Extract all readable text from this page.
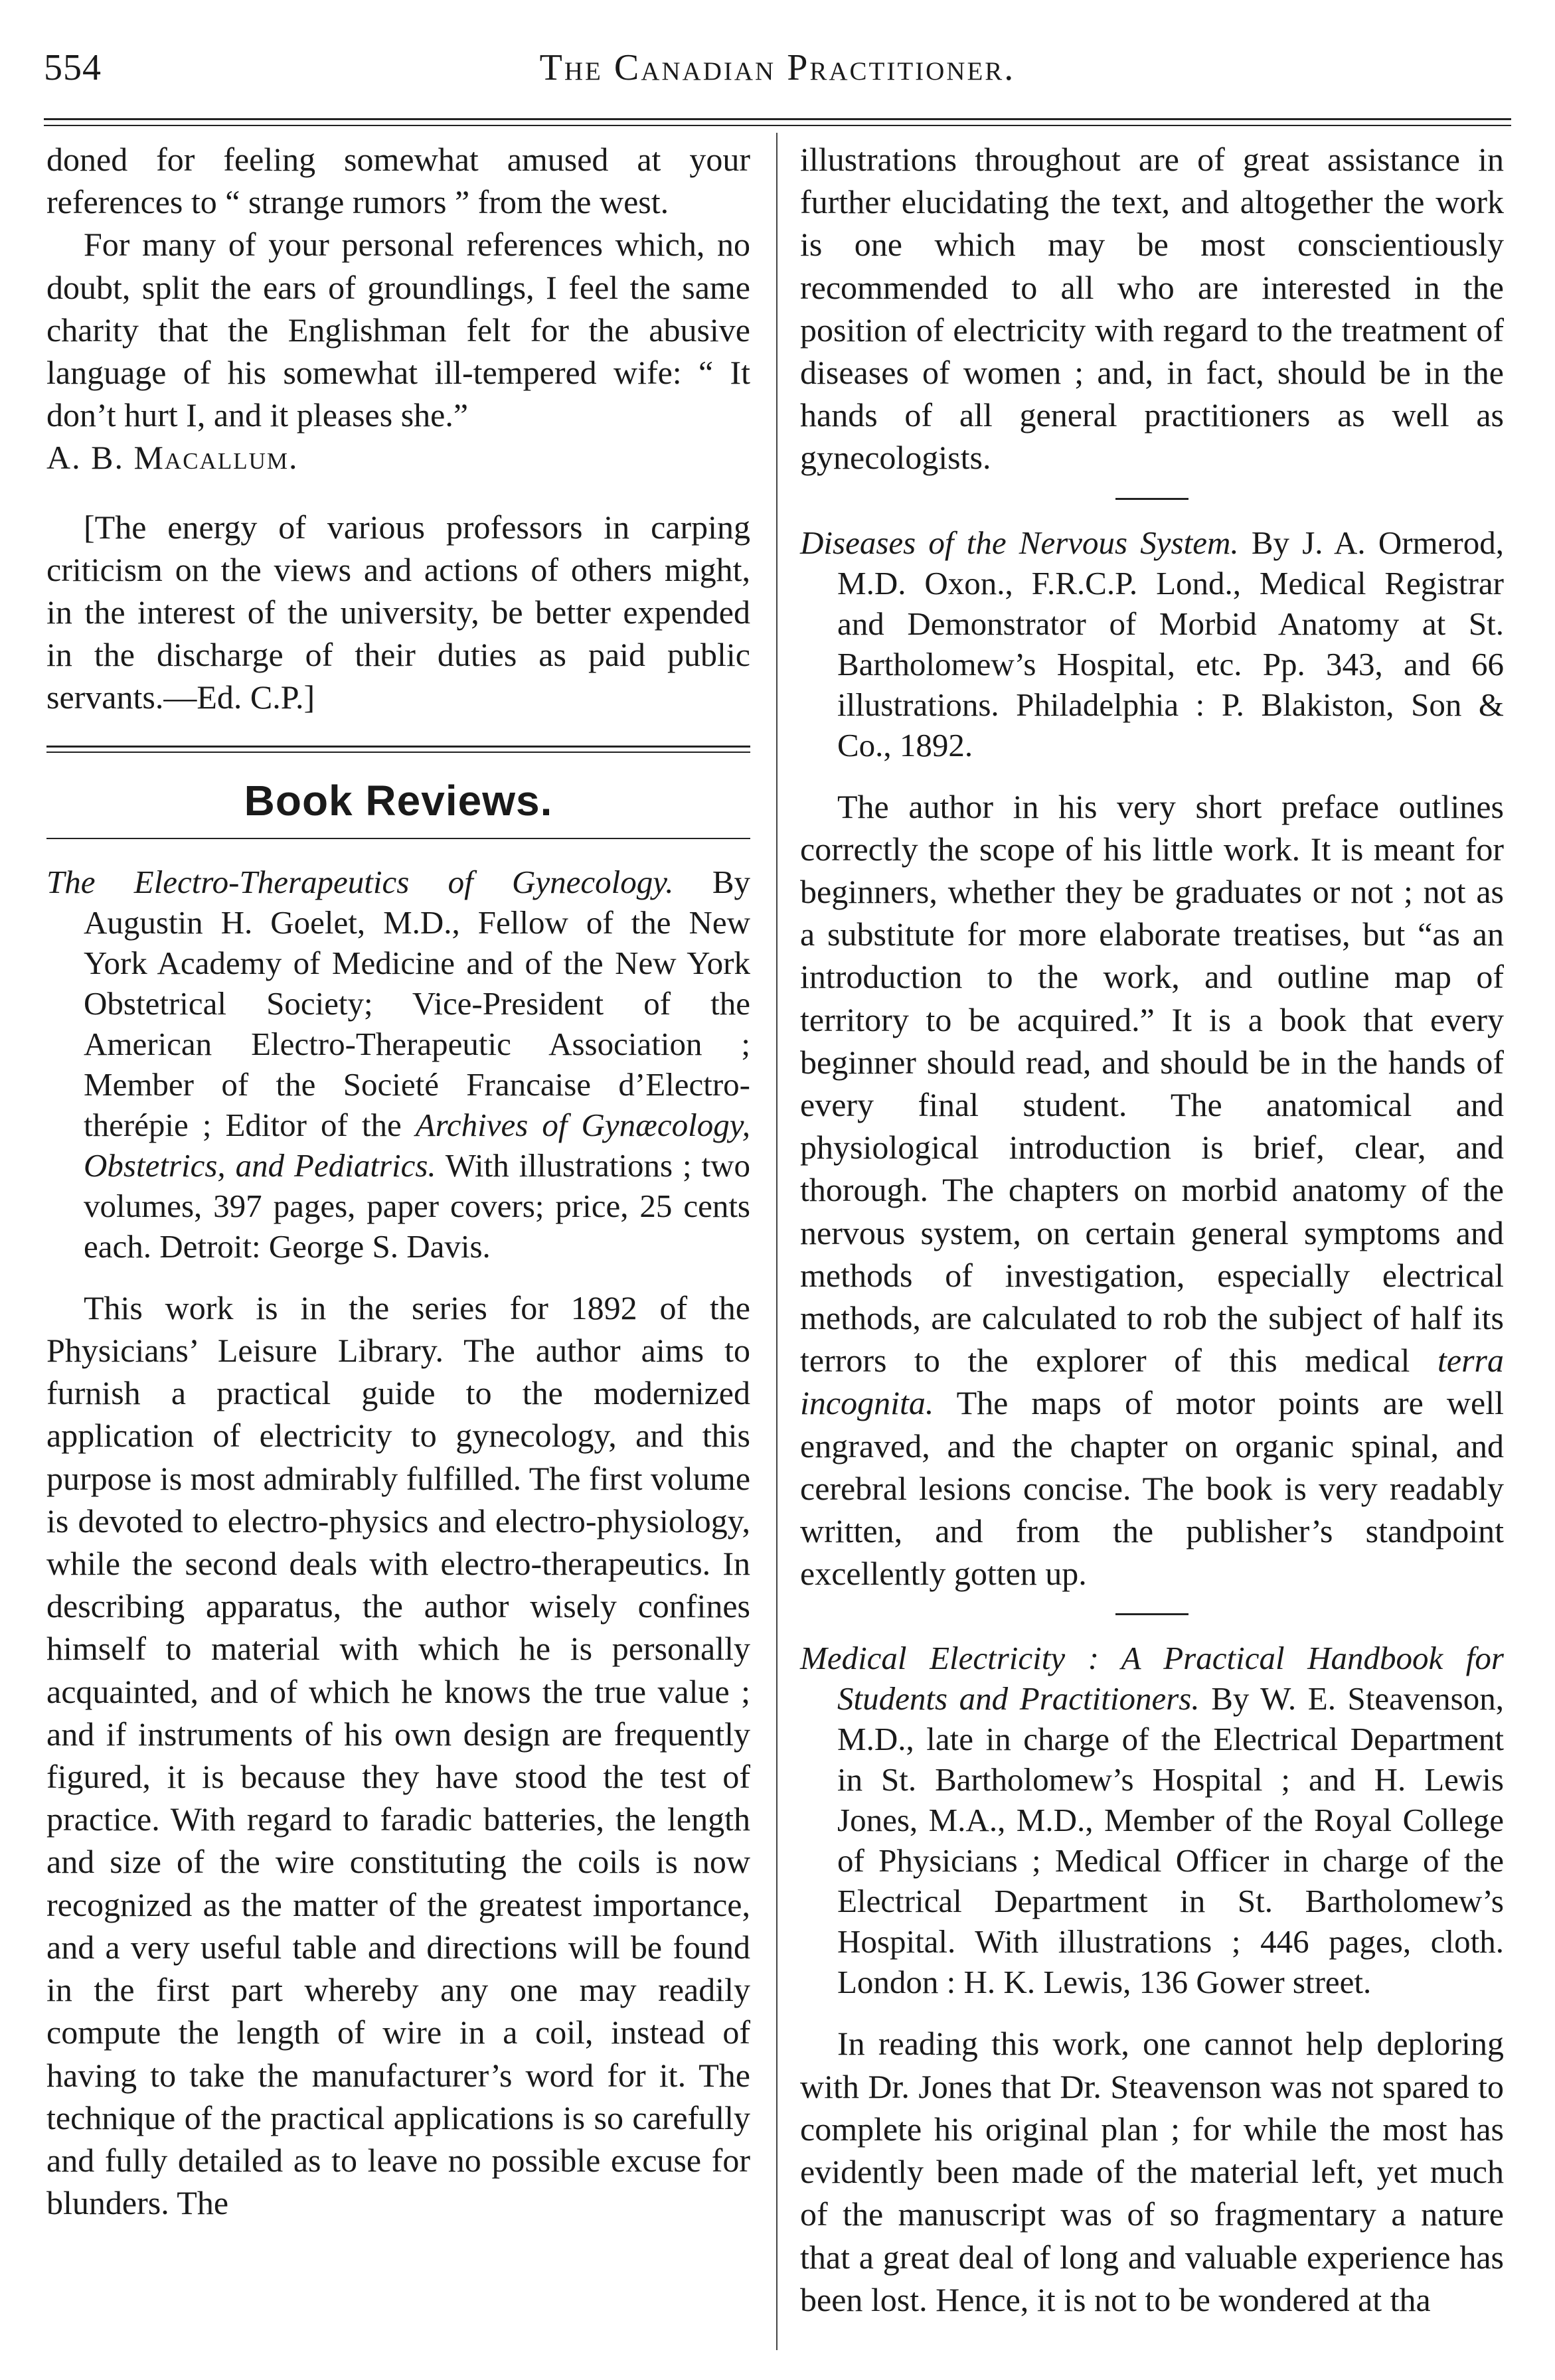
554	The Canadian Practitioner.

doned for feeling somewhat amused at your references to “ strange rumors ” from the west.

For many of your personal references which, no doubt, split the ears of groundlings, I feel the same charity that the Englishman felt for the abusive language of his somewhat ill-tempered wife: “ It don’t hurt I, and it pleases she.”

A. B. Macallum.

[The energy of various professors in carping criticism on the views and actions of others might, in the interest of the university, be better expended in the discharge of their duties as paid public servants.—Ed. C.P.]

Book Reviews.

The Electro-Therapeutics of Gynecology. By Augustin H. Goelet, M.D., Fellow of the New York Academy of Medicine and of the New York Obstetrical Society; Vice-President of the American Electro-Therapeutic Association ; Member of the Societé Francaise d’Electro-therépie ; Editor of the Archives of Gynæcology, Obstetrics, and Pediatrics. With illustrations ; two volumes, 397 pages, paper covers; price, 25 cents each. Detroit: George S. Davis.

This work is in the series for 1892 of the Physicians’ Leisure Library. The author aims to furnish a practical guide to the modernized application of electricity to gynecology, and this purpose is most admirably fulfilled. The first volume is devoted to electro-physics and electro-physiology, while the second deals with electro-therapeutics. In describing apparatus, the author wisely confines himself to material with which he is personally acquainted, and of which he knows the true value ; and if instruments of his own design are frequently figured, it is because they have stood the test of practice. With regard to faradic batteries, the length and size of the wire constituting the coils is now recognized as the matter of the greatest importance, and a very useful table and directions will be found in the first part whereby any one may readily compute the length of wire in a coil, instead of having to take the manufacturer’s word for it. The technique of the practical applications is so carefully and fully detailed as to leave no possible excuse for blunders. The

illustrations throughout are of great assistance in further elucidating the text, and altogether the work is one which may be most conscientiously recommended to all who are interested in the position of electricity with regard to the treatment of diseases of women ; and, in fact, should be in the hands of all general practitioners as well as gynecologists.

Diseases of the Nervous System. By J. A. Ormerod, M.D. Oxon., F.R.C.P. Lond., Medical Registrar and Demonstrator of Morbid Anatomy at St. Bartholomew’s Hospital, etc. Pp. 343, and 66 illustrations. Philadelphia : P. Blakiston, Son & Co., 1892.

The author in his very short preface outlines correctly the scope of his little work. It is meant for beginners, whether they be graduates or not ; not as a substitute for more elaborate treatises, but “as an introduction to the work, and outline map of territory to be acquired.” It is a book that every beginner should read, and should be in the hands of every final student. The anatomical and physiological introduction is brief, clear, and thorough. The chapters on morbid anatomy of the nervous system, on certain general symptoms and methods of investigation, especially electrical methods, are calculated to rob the subject of half its terrors to the explorer of this medical terra incognita. The maps of motor points are well engraved, and the chapter on organic spinal, and cerebral lesions concise. The book is very readably written, and from the publisher’s standpoint excellently gotten up.

Medical Electricity : A Practical Handbook for Students and Practitioners. By W. E. Steavenson, M.D., late in charge of the Electrical Department in St. Bartholomew’s Hospital ; and H. Lewis Jones, M.A., M.D., Member of the Royal College of Physicians ; Medical Officer in charge of the Electrical Department in St. Bartholomew’s Hospital. With illustrations ; 446 pages, cloth. London : H. K. Lewis, 136 Gower street.

In reading this work, one cannot help deploring with Dr. Jones that Dr. Steavenson was not spared to complete his original plan ; for while the most has evidently been made of the material left, yet much of the manuscript was of so fragmentary a nature that a great deal of long and valuable experience has been lost. Hence, it is not to be wondered at tha
